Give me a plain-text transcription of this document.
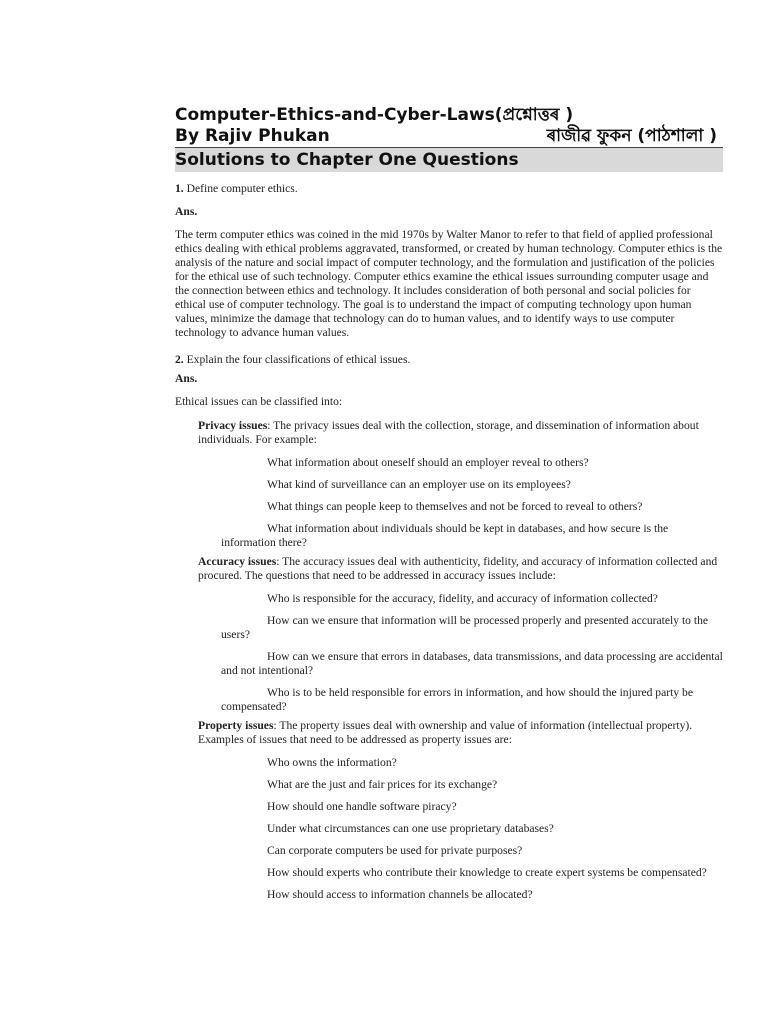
Computer-Ethics-and-Cyber-Laws(প্ৰশ্নোত্তৰ )
By Rajiv Phukan	ৰাজীৱ ফুকন (পাঠশালা )
Solutions to Chapter One Questions

1. Define computer ethics.

Ans.

The term computer ethics was coined in the mid 1970s by Walter Manor to refer to that field of applied professional ethics dealing with ethical problems aggravated, transformed, or created by human technology. Computer ethics is the analysis of the nature and social impact of computer technology, and the formulation and justification of the policies for the ethical use of such technology. Computer ethics examine the ethical issues surrounding computer usage and the connection between ethics and technology. It includes consideration of both personal and social policies for ethical use of computer technology. The goal is to understand the impact of computing technology upon human values, minimize the damage that technology can do to human values, and to identify ways to use computer technology to advance human values.

2. Explain the four classifications of ethical issues.

Ans.

Ethical issues can be classified into:

Privacy issues: The privacy issues deal with the collection, storage, and dissemination of information about individuals. For example:

What information about oneself should an employer reveal to others?

What kind of surveillance can an employer use on its employees?

What things can people keep to themselves and not be forced to reveal to others?

What information about individuals should be kept in databases, and how secure is the information there?

Accuracy issues: The accuracy issues deal with authenticity, fidelity, and accuracy of information collected and procured. The questions that need to be addressed in accuracy issues include:

Who is responsible for the accuracy, fidelity, and accuracy of information collected?

How can we ensure that information will be processed properly and presented accurately to the users?

How can we ensure that errors in databases, data transmissions, and data processing are accidental and not intentional?

Who is to be held responsible for errors in information, and how should the injured party be compensated?

Property issues: The property issues deal with ownership and value of information (intellectual property). Examples of issues that need to be addressed as property issues are:

Who owns the information?

What are the just and fair prices for its exchange?

How should one handle software piracy?

Under what circumstances can one use proprietary databases?

Can corporate computers be used for private purposes?

How should experts who contribute their knowledge to create expert systems be compensated?

How should access to information channels be allocated?
